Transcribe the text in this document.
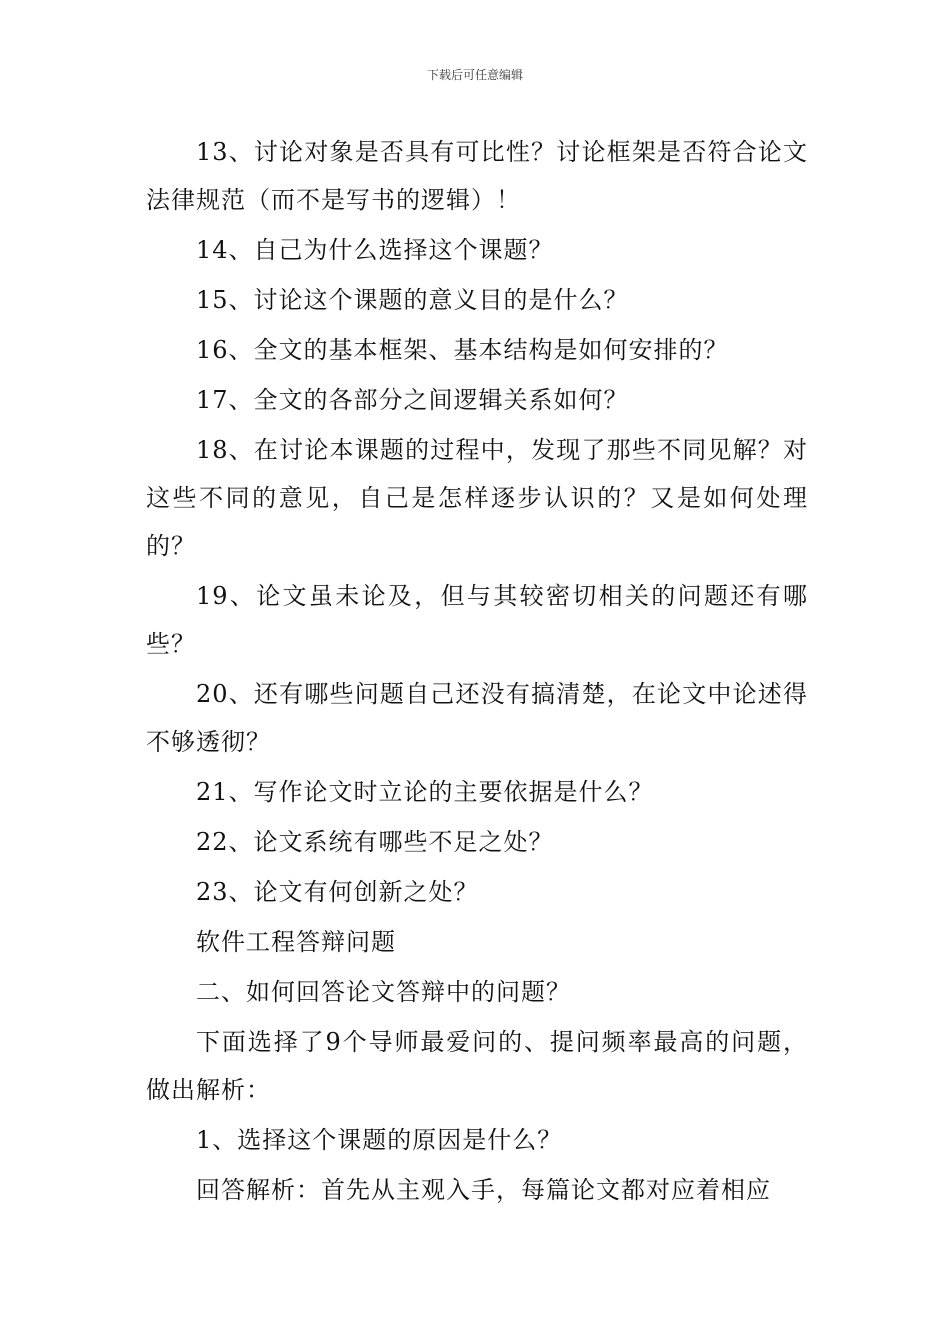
下载后可任意编辑

13、讨论对象是否具有可比性？讨论框架是否符合论文法律规范（而不是写书的逻辑）！

14、自己为什么选择这个课题？

15、讨论这个课题的意义目的是什么？

16、全文的基本框架、基本结构是如何安排的？

17、全文的各部分之间逻辑关系如何？

18、在讨论本课题的过程中，发现了那些不同见解？对这些不同的意见，自己是怎样逐步认识的？又是如何处理的？

19、论文虽未论及，但与其较密切相关的问题还有哪些？

20、还有哪些问题自己还没有搞清楚，在论文中论述得不够透彻？

21、写作论文时立论的主要依据是什么？

22、论文系统有哪些不足之处？

23、论文有何创新之处？

软件工程答辩问题

二、如何回答论文答辩中的问题？

下面选择了9个导师最爱问的、提问频率最高的问题，做出解析：

1、选择这个课题的原因是什么？

回答解析：首先从主观入手，每篇论文都对应着相应
